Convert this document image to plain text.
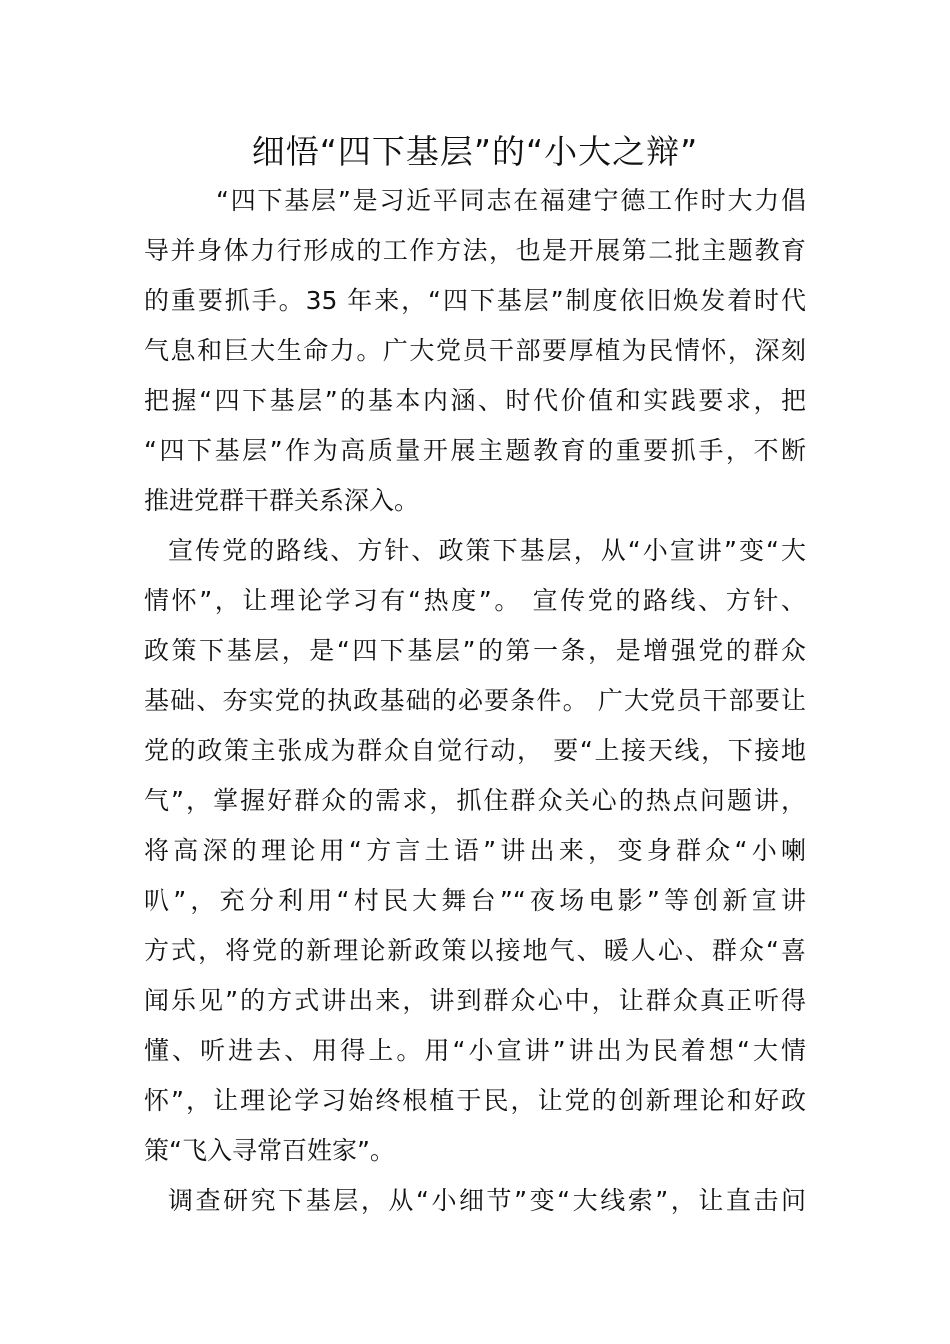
细悟“四下基层”的“小大之辩”
“四下基层”是习近平同志在福建宁德工作时大力倡
导并身体力行形成的工作方法，也是开展第二批主题教育
的重要抓手。35 年来，“四下基层”制度依旧焕发着时代
气息和巨大生命力。广大党员干部要厚植为民情怀，深刻
把握“四下基层”的基本内涵、时代价值和实践要求，把
“四下基层”作为高质量开展主题教育的重要抓手，不断
推进党群干群关系深入。
宣传党的路线、方针、政策下基层，从“小宣讲”变“大
情怀”，让理论学习有“热度”。 宣传党的路线、方针、
政策下基层，是“四下基层”的第一条，是增强党的群众
基础、夯实党的执政基础的必要条件。 广大党员干部要让
党的政策主张成为群众自觉行动， 要“上接天线，下接地
气”，掌握好群众的需求，抓住群众关心的热点问题讲，
将高深的理论用“方言土语”讲出来，变身群众“小喇
叭”，充分利用“村民大舞台”“夜场电影”等创新宣讲
方式，将党的新理论新政策以接地气、暖人心、群众“喜
闻乐见”的方式讲出来，讲到群众心中，让群众真正听得
懂、听进去、用得上。用“小宣讲”讲出为民着想“大情
怀”，让理论学习始终根植于民，让党的创新理论和好政
策“飞入寻常百姓家”。
调查研究下基层，从“小细节”变“大线索”，让直击问
